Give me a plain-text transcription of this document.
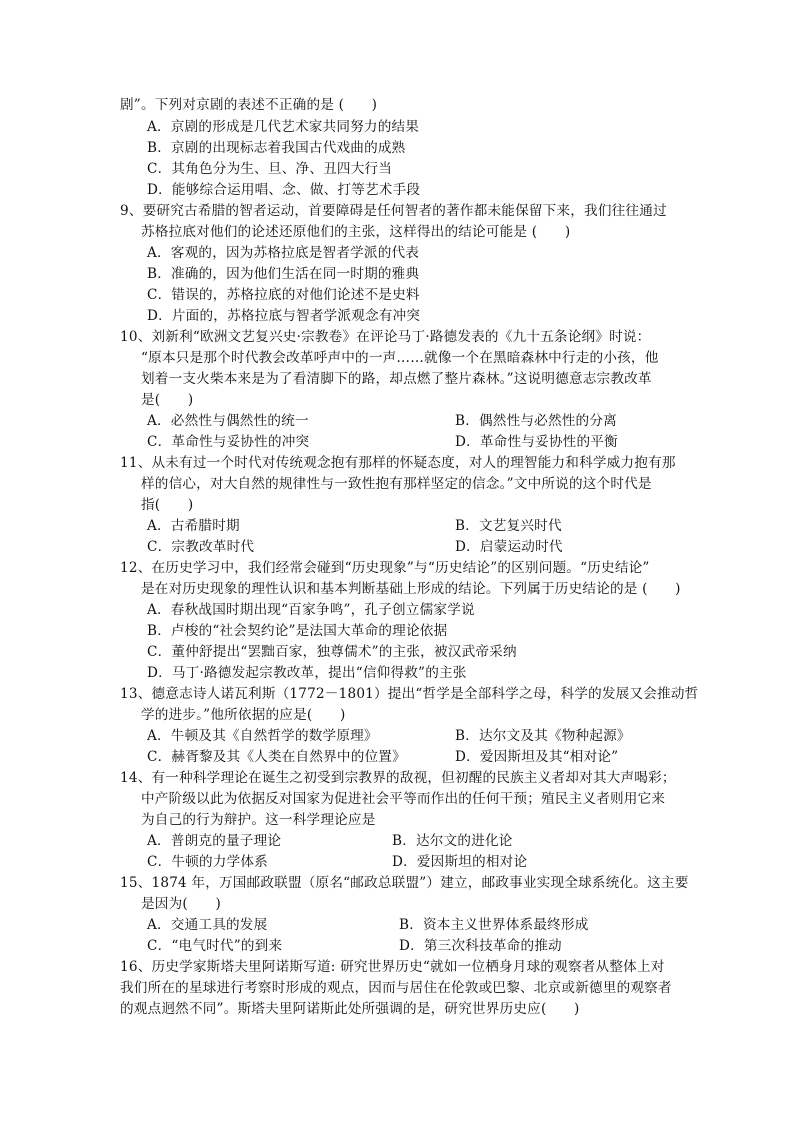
剧”。下列对京剧的表述不正确的是 (　　)
A．京剧的形成是几代艺术家共同努力的结果
B．京剧的出现标志着我国古代戏曲的成熟
C．其角色分为生、旦、净、丑四大行当
D．能够综合运用唱、念、做、打等艺术手段
9、要研究古希腊的智者运动，首要障碍是任何智者的著作都未能保留下来，我们往往通过
苏格拉底对他们的论述还原他们的主张，这样得出的结论可能是 (　　)
A．客观的，因为苏格拉底是智者学派的代表
B．准确的，因为他们生活在同一时期的雅典
C．错误的，苏格拉底的对他们论述不是史料
D．片面的，苏格拉底与智者学派观念有冲突
10、刘新利“欧洲文艺复兴史·宗教卷》在评论马丁·路德发表的《九十五条论纲》时说：
“原本只是那个时代教会改革呼声中的一声……就像一个在黑暗森林中行走的小孩，他
划着一支火柴本来是为了看清脚下的路，却点燃了整片森林。”这说明德意志宗教改革
是(　　)
A．必然性与偶然性的统一	B．偶然性与必然性的分离
C．革命性与妥协性的冲突	D．革命性与妥协性的平衡
11、从未有过一个时代对传统观念抱有那样的怀疑态度，对人的理智能力和科学威力抱有那
样的信心，对大自然的规律性与一致性抱有那样坚定的信念。”文中所说的这个时代是
指(　　)
A．古希腊时期	B．文艺复兴时代
C．宗教改革时代	D．启蒙运动时代
12、在历史学习中，我们经常会碰到“历史现象”与“历史结论”的区别问题。“历史结论”
是在对历史现象的理性认识和基本判断基础上形成的结论。下列属于历史结论的是 (　　)
A．春秋战国时期出现“百家争鸣”，孔子创立儒家学说
B．卢梭的“社会契约论”是法国大革命的理论依据
C．董仲舒提出“罢黜百家，独尊儒术”的主张，被汉武帝采纳
D．马丁·路德发起宗教改革，提出“信仰得救”的主张
13、德意志诗人诺瓦利斯（1772－1801）提出“哲学是全部科学之母，科学的发展又会推动哲
学的进步。”他所依据的应是(　　)
A．牛顿及其《自然哲学的数学原理》	B．达尔文及其《物种起源》
C．赫胥黎及其《人类在自然界中的位置》	D．爱因斯坦及其“相对论”
14、有一种科学理论在诞生之初受到宗教界的敌视，但初醒的民族主义者却对其大声喝彩；
中产阶级以此为依据反对国家为促进社会平等而作出的任何干预；殖民主义者则用它来
为自己的行为辩护。这一科学理论应是
A．普朗克的量子理论	B．达尔文的进化论
C．牛顿的力学体系	D．爱因斯坦的相对论
15、1874 年，万国邮政联盟（原名“邮政总联盟”）建立，邮政事业实现全球系统化。这主要
是因为(　　)
A．交通工具的发展	B．资本主义世界体系最终形成
C．“电气时代”的到来	D．第三次科技革命的推动
16、历史学家斯塔夫里阿诺斯写道: 研究世界历史“就如一位栖身月球的观察者从整体上对
我们所在的星球进行考察时形成的观点，因而与居住在伦敦或巴黎、北京或新德里的观察者
的观点迥然不同”。斯塔夫里阿诺斯此处所强调的是，研究世界历史应(　　)
